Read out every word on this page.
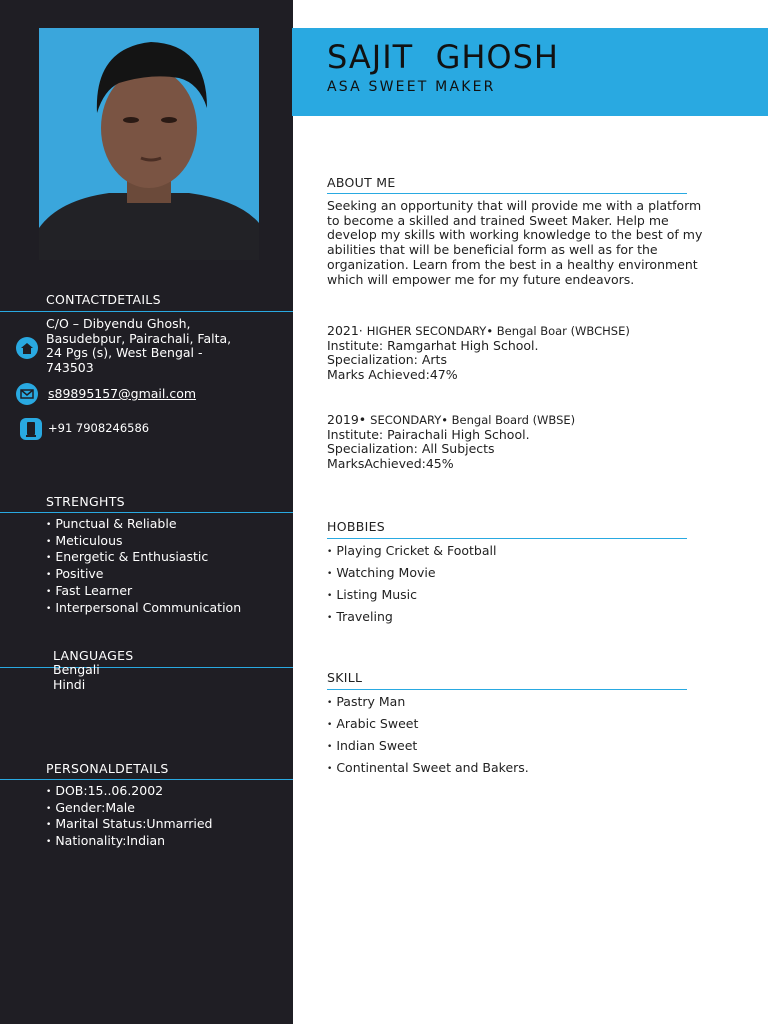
CONTACTDETAILS
C/O – Dibyendu Ghosh,
Basudebpur, Pairachali, Falta,
24 Pgs (s), West Bengal -
743503
s89895157@gmail.com
+91 7908246586
STRENGHTS
• Punctual & Reliable
• Meticulous
• Energetic & Enthusiastic
• Positive
• Fast Learner
• Interpersonal Communication
LANGUAGES
Bengali
Hindi
PERSONALDETAILS
• DOB:15..06.2002
• Gender:Male
• Marital Status:Unmarried
• Nationality:Indian
SAJIT  GHOSH
ASA SWEET MAKER
ABOUT ME
Seeking an opportunity that will provide me with a platform
to become a skilled and trained Sweet Maker. Help me
develop my skills with working knowledge to the best of my
abilities that will be beneficial form as well as for the
organization. Learn from the best in a healthy environment
which will empower me for my future endeavors.
2021· HIGHER SECONDARY• Bengal Boar (WBCHSE)
Institute: Ramgarhat High School.
Specialization: Arts
Marks Achieved:47%
2019• SECONDARY• Bengal Board (WBSE)
Institute: Pairachali High School.
Specialization: All Subjects
MarksAchieved:45%
HOBBIES
• Playing Cricket & Football
• Watching Movie
• Listing Music
• Traveling
SKILL
• Pastry Man
• Arabic Sweet
• Indian Sweet
• Continental Sweet and Bakers.
